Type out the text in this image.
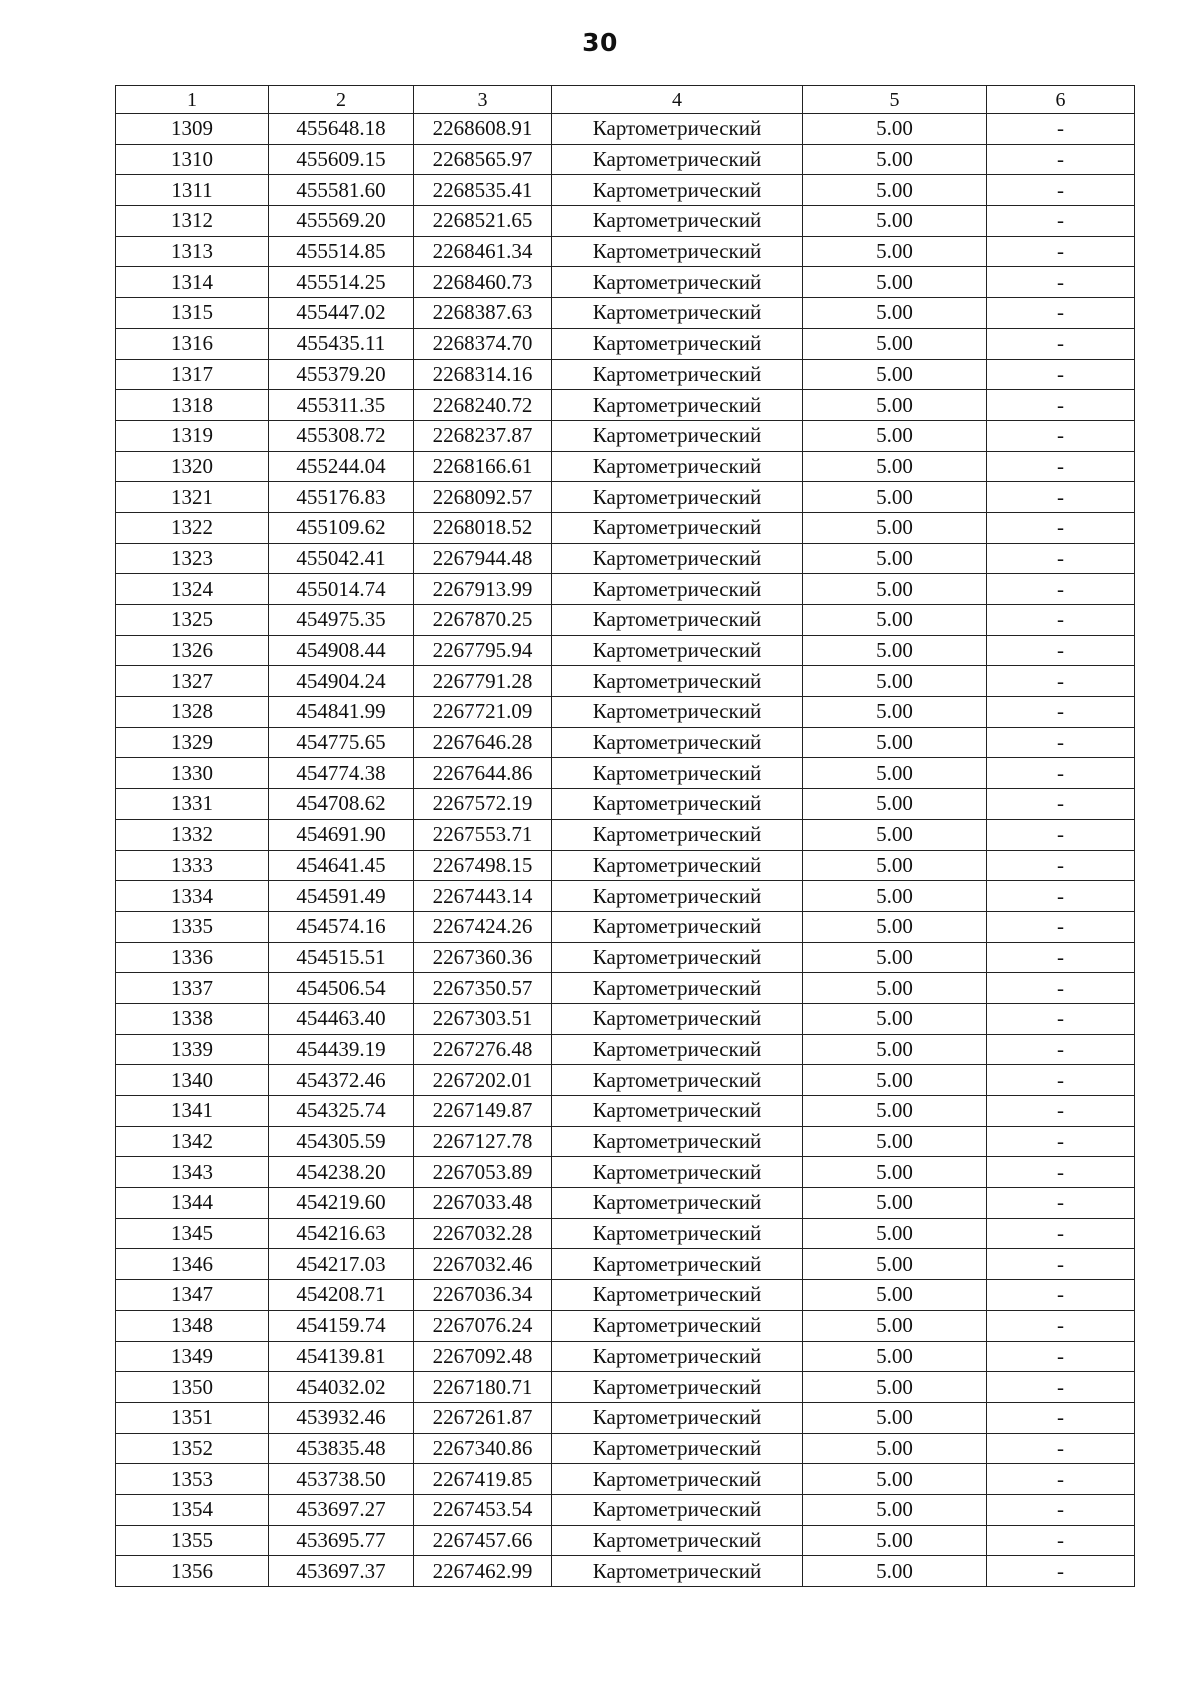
30
1	2	3	4	5	6
1309	455648.18	2268608.91	Картометрический	5.00	-
1310	455609.15	2268565.97	Картометрический	5.00	-
1311	455581.60	2268535.41	Картометрический	5.00	-
1312	455569.20	2268521.65	Картометрический	5.00	-
1313	455514.85	2268461.34	Картометрический	5.00	-
1314	455514.25	2268460.73	Картометрический	5.00	-
1315	455447.02	2268387.63	Картометрический	5.00	-
1316	455435.11	2268374.70	Картометрический	5.00	-
1317	455379.20	2268314.16	Картометрический	5.00	-
1318	455311.35	2268240.72	Картометрический	5.00	-
1319	455308.72	2268237.87	Картометрический	5.00	-
1320	455244.04	2268166.61	Картометрический	5.00	-
1321	455176.83	2268092.57	Картометрический	5.00	-
1322	455109.62	2268018.52	Картометрический	5.00	-
1323	455042.41	2267944.48	Картометрический	5.00	-
1324	455014.74	2267913.99	Картометрический	5.00	-
1325	454975.35	2267870.25	Картометрический	5.00	-
1326	454908.44	2267795.94	Картометрический	5.00	-
1327	454904.24	2267791.28	Картометрический	5.00	-
1328	454841.99	2267721.09	Картометрический	5.00	-
1329	454775.65	2267646.28	Картометрический	5.00	-
1330	454774.38	2267644.86	Картометрический	5.00	-
1331	454708.62	2267572.19	Картометрический	5.00	-
1332	454691.90	2267553.71	Картометрический	5.00	-
1333	454641.45	2267498.15	Картометрический	5.00	-
1334	454591.49	2267443.14	Картометрический	5.00	-
1335	454574.16	2267424.26	Картометрический	5.00	-
1336	454515.51	2267360.36	Картометрический	5.00	-
1337	454506.54	2267350.57	Картометрический	5.00	-
1338	454463.40	2267303.51	Картометрический	5.00	-
1339	454439.19	2267276.48	Картометрический	5.00	-
1340	454372.46	2267202.01	Картометрический	5.00	-
1341	454325.74	2267149.87	Картометрический	5.00	-
1342	454305.59	2267127.78	Картометрический	5.00	-
1343	454238.20	2267053.89	Картометрический	5.00	-
1344	454219.60	2267033.48	Картометрический	5.00	-
1345	454216.63	2267032.28	Картометрический	5.00	-
1346	454217.03	2267032.46	Картометрический	5.00	-
1347	454208.71	2267036.34	Картометрический	5.00	-
1348	454159.74	2267076.24	Картометрический	5.00	-
1349	454139.81	2267092.48	Картометрический	5.00	-
1350	454032.02	2267180.71	Картометрический	5.00	-
1351	453932.46	2267261.87	Картометрический	5.00	-
1352	453835.48	2267340.86	Картометрический	5.00	-
1353	453738.50	2267419.85	Картометрический	5.00	-
1354	453697.27	2267453.54	Картометрический	5.00	-
1355	453695.77	2267457.66	Картометрический	5.00	-
1356	453697.37	2267462.99	Картометрический	5.00	-
